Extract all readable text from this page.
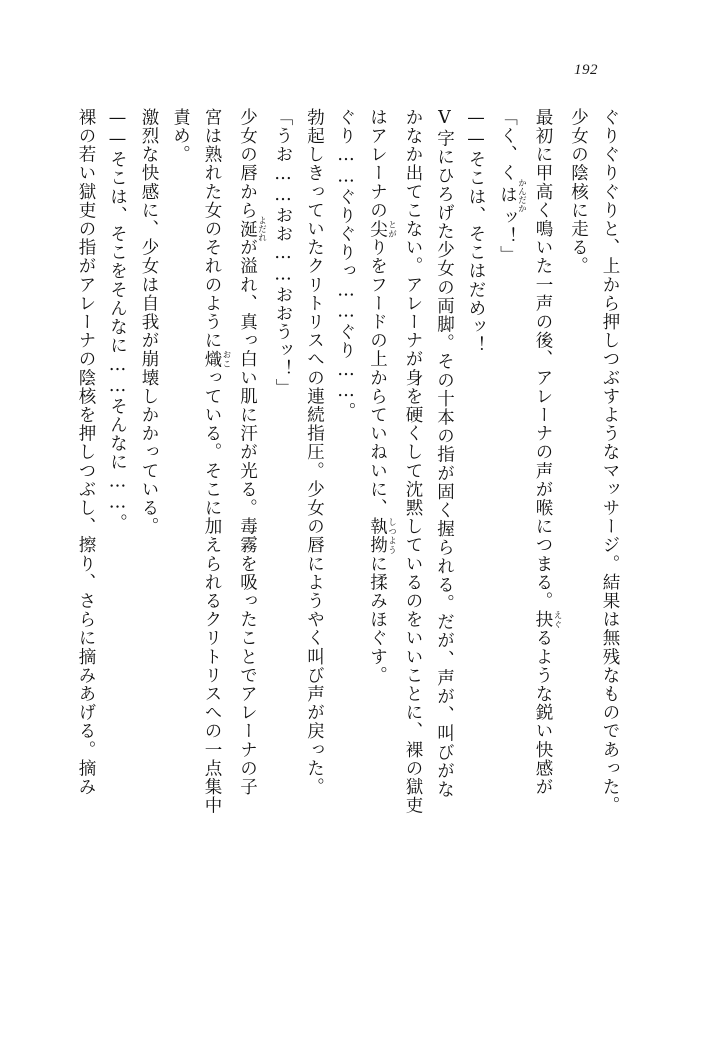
192

ぐりぐりぐりと、上から押しつぶすようなマッサージ。結果は無残なものであった。

少女の陰核に走る。

最初に甲高く鳴いた一声の後、アレーナの声が喉につまる。抉 えぐるような鋭い快感が

「く、くは かんだかッ！」

——そこは、そこはだめッ！

V字にひろげた少女の両脚。その十本の指が固く握られる。だが、声が、叫びがな

かなか出てこない。アレーナが身を硬くして沈黙しているのをいいことに、裸の獄吏

はアレーナの尖 とがりをフードの上からていねいに、執拗 しつように揉みほぐす。

ぐり……ぐりぐりっ……ぐり……。

勃起しきっていたクリトリスへの連続指圧。少女の唇にようやく叫び声が戻った。

「うお……おお……おおうッ！」

少女の唇から涎 よだれが溢れ、真っ白い肌に汗が光る。毒霧を吸ったことでアレーナの子

宮は熟れた女のそれのように熾 おこっている。そこに加えられるクリトリスへの一点集中

責め。

激烈な快感に、少女は自我が崩壊しかかっている。

——そこは、そこをそんなに……そんなに……。

裸の若い獄吏の指がアレーナの陰核を押しつぶし、擦り、さらに摘みあげる。摘み
